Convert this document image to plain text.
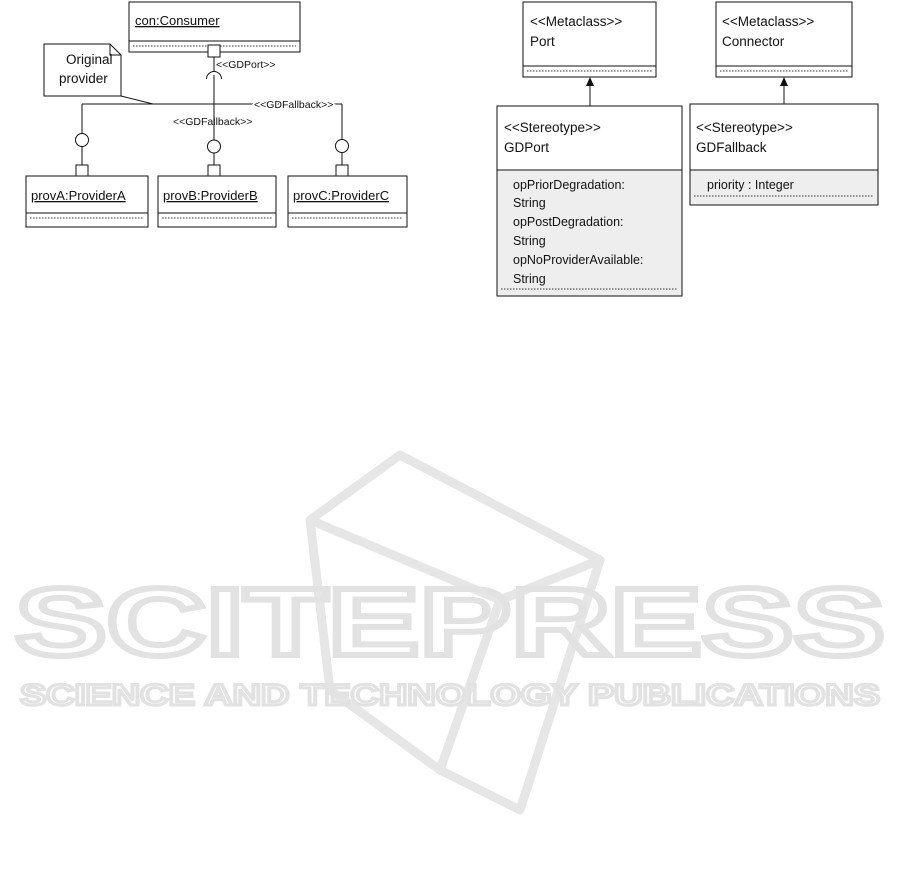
SCITEPRESS
SCIENCE AND TECHNOLOGY PUBLICATIONS
con:Consumer
<<GDPort>>
Original
provider
<<GDFallback>>
<<GDFallback>>
provA:ProviderA	provB:ProviderB	provC:ProviderC
<<Metaclass>>
Port
<<Metaclass>>
Connector
<<Stereotype>>
GDPort
opPriorDegradation:
String
opPostDegradation:
String
opNoProviderAvailable:
String
<<Stereotype>>
GDFallback
priority : Integer
